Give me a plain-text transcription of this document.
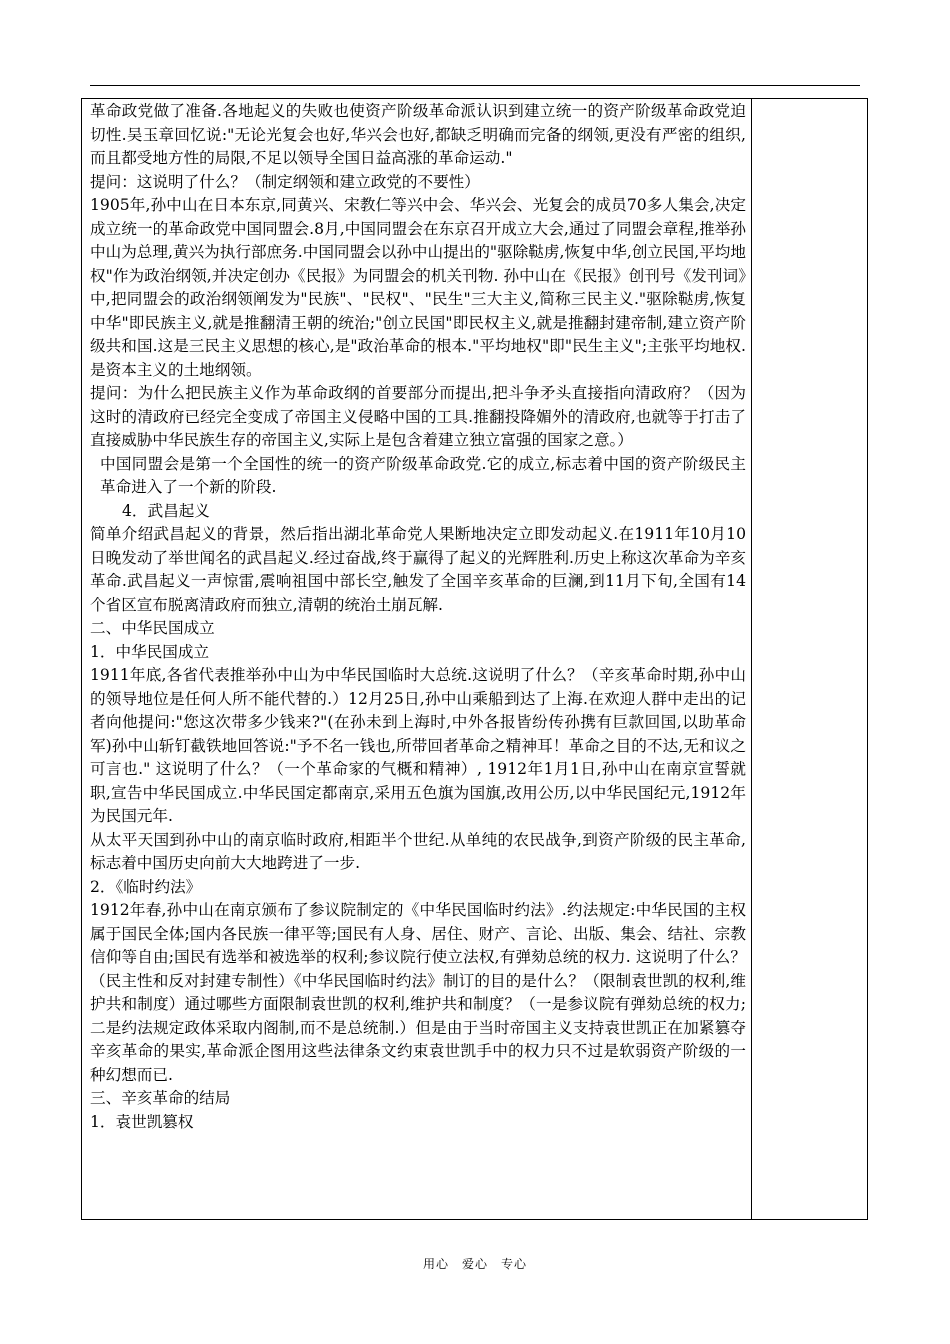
革命政党做了准备.各地起义的失败也使资产阶级革命派认识到建立统一的资产阶级革命政党迫切性.吴玉章回忆说:"无论光复会也好,华兴会也好,都缺乏明确而完备的纲领,更没有严密的组织,而且都受地方性的局限,不足以领导全国日益高涨的革命运动."

提问：这说明了什么？（制定纲领和建立政党的不要性）

1905年,孙中山在日本东京,同黄兴、宋教仁等兴中会、华兴会、光复会的成员70多人集会,决定成立统一的革命政党中国同盟会.8月,中国同盟会在东京召开成立大会,通过了同盟会章程,推举孙中山为总理,黄兴为执行部庶务.中国同盟会以孙中山提出的"驱除鞑虏,恢复中华,创立民国,平均地权"作为政治纲领,并决定创办《民报》为同盟会的机关刊物. 孙中山在《民报》创刊号《发刊词》中,把同盟会的政治纲领阐发为"民族"、"民权"、"民生"三大主义,简称三民主义."驱除鞑虏,恢复中华"即民族主义,就是推翻清王朝的统治;"创立民国"即民权主义,就是推翻封建帝制,建立资产阶级共和国.这是三民主义思想的核心,是"政治革命的根本."平均地权"即"民生主义";主张平均地权.是资本主义的土地纲领。

提问：为什么把民族主义作为革命政纲的首要部分而提出,把斗争矛头直接指向清政府？（因为这时的清政府已经完全变成了帝国主义侵略中国的工具.推翻投降媚外的清政府,也就等于打击了直接威胁中华民族生存的帝国主义,实际上是包含着建立独立富强的国家之意。）

中国同盟会是第一个全国性的统一的资产阶级革命政党.它的成立,标志着中国的资产阶级民主革命进入了一个新的阶段.

4．武昌起义

简单介绍武昌起义的背景，然后指出湖北革命党人果断地决定立即发动起义.在1911年10月10日晚发动了举世闻名的武昌起义.经过奋战,终于赢得了起义的光辉胜利.历史上称这次革命为辛亥革命.武昌起义一声惊雷,震响祖国中部长空,触发了全国辛亥革命的巨澜,到11月下旬,全国有14个省区宣布脱离清政府而独立,清朝的统治土崩瓦解.

二、中华民国成立

1．中华民国成立

1911年底,各省代表推举孙中山为中华民国临时大总统.这说明了什么？（辛亥革命时期,孙中山的领导地位是任何人所不能代替的.）12月25日,孙中山乘船到达了上海.在欢迎人群中走出的记者向他提问:"您这次带多少钱来?"(在孙未到上海时,中外各报皆纷传孙携有巨款回国,以助革命军)孙中山斩钉截铁地回答说:"予不名一钱也,所带回者革命之精神耳！革命之目的不达,无和议之可言也." 这说明了什么？（一个革命家的气概和精神）, 1912年1月1日,孙中山在南京宣誓就职,宣告中华民国成立.中华民国定都南京,采用五色旗为国旗,改用公历,以中华民国纪元,1912年为民国元年.

从太平天国到孙中山的南京临时政府,相距半个世纪.从单纯的农民战争,到资产阶级的民主革命,标志着中国历史向前大大地跨进了一步.

2．《临时约法》

1912年春,孙中山在南京颁布了参议院制定的《中华民国临时约法》.约法规定:中华民国的主权属于国民全体;国内各民族一律平等;国民有人身、居住、财产、言论、出版、集会、结社、宗教信仰等自由;国民有选举和被选举的权利;参议院行使立法权,有弹劾总统的权力. 这说明了什么？（民主性和反对封建专制性）《中华民国临时约法》制订的目的是什么？（限制袁世凯的权利,维护共和制度）通过哪些方面限制袁世凯的权利,维护共和制度？（一是参议院有弹劾总统的权力;二是约法规定政体采取内阁制,而不是总统制.）但是由于当时帝国主义支持袁世凯正在加紧篡夺辛亥革命的果实,革命派企图用这些法律条文约束袁世凯手中的权力只不过是软弱资产阶级的一种幻想而已.

三、辛亥革命的结局

1．袁世凯篡权

用心　爱心　专心
